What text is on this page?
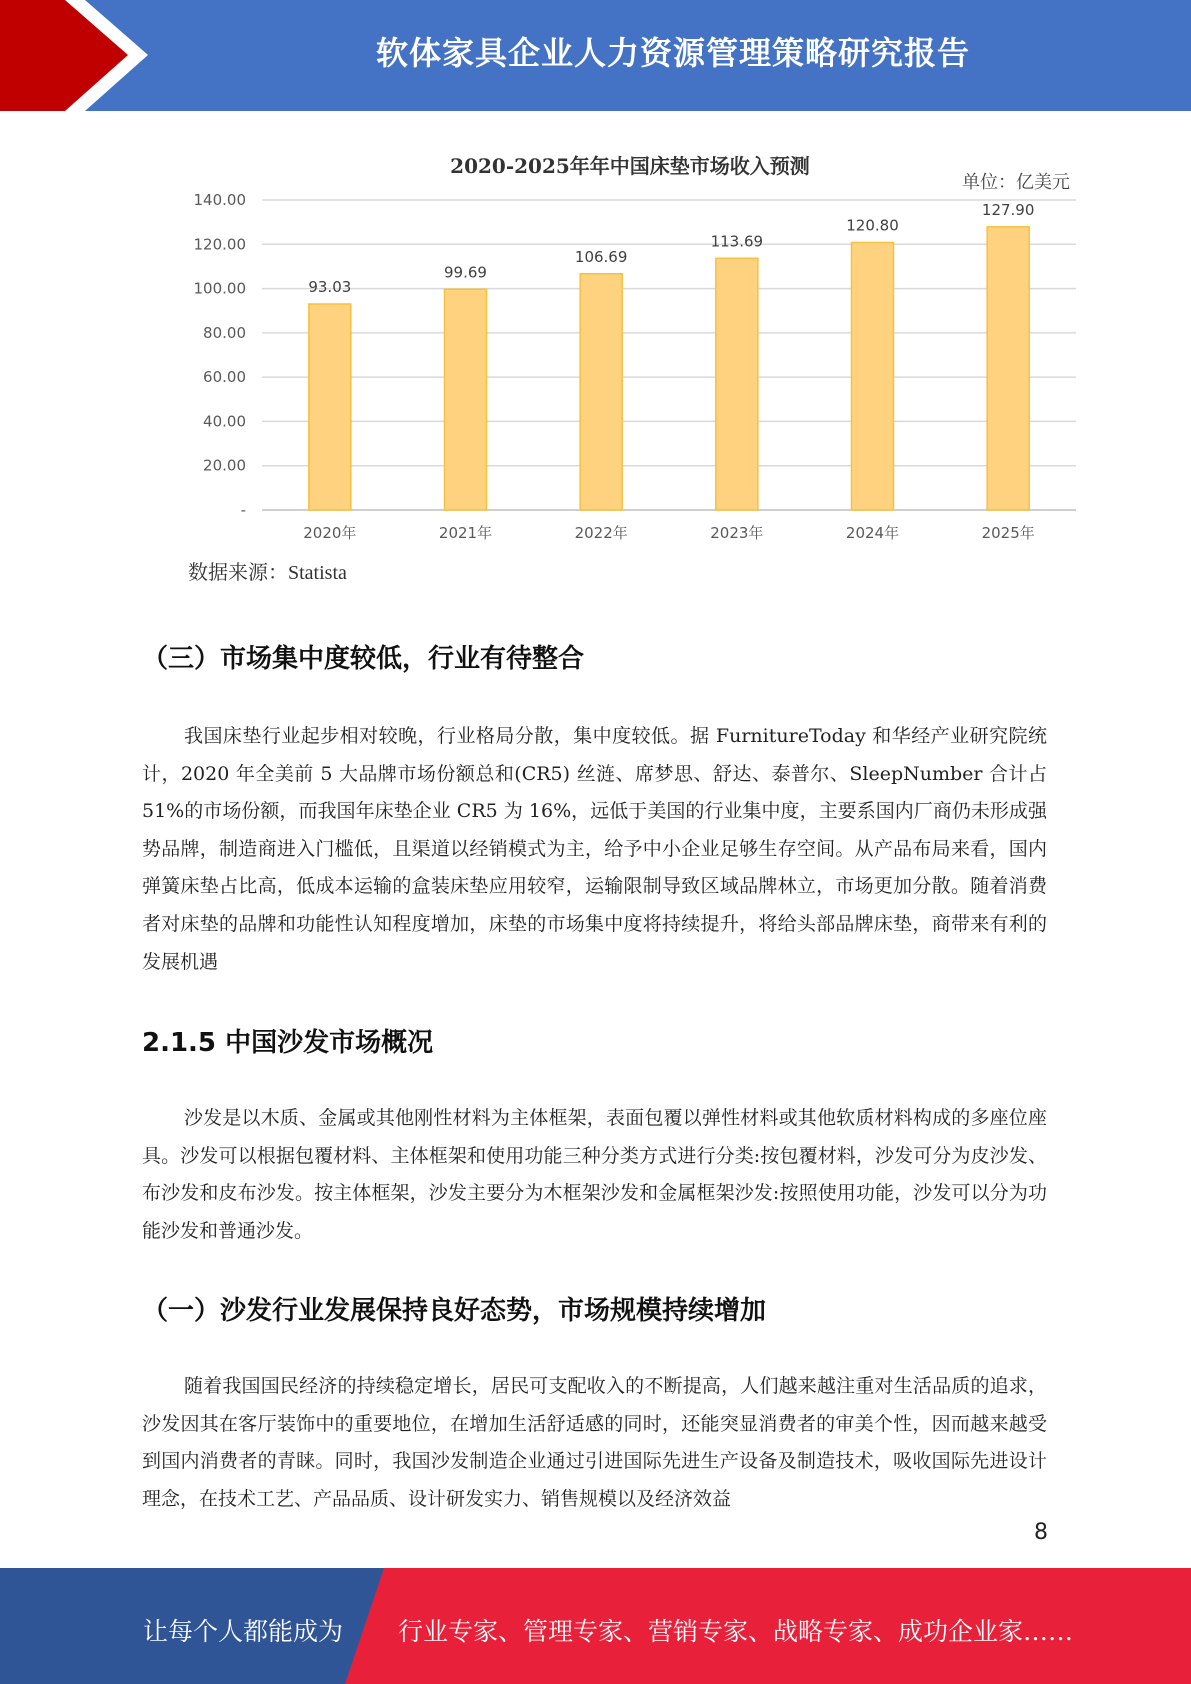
软体家具企业人力资源管理策略研究报告
2020-2025年年中国床垫市场收入预测
单位：亿美元
-
20.00
40.00
60.00
80.00
100.00
120.00
140.00
93.03
2020年
99.69
2021年
106.69
2022年
113.69
2023年
120.80
2024年
127.90
2025年
数据来源：Statista
（三）市场集中度较低，行业有待整合
我国床垫行业起步相对较晚，行业格局分散，集中度较低。据 FurnitureToday 和华经产业研究院统计，2020 年全美前 5 大品牌市场份额总和(CR5) 丝涟、席梦思、舒达、泰普尔、SleepNumber 合计占 51%的市场份额，而我国年床垫企业 CR5 为 16%，远低于美国的行业集中度，主要系国内厂商仍未形成强势品牌，制造商进入门槛低，且渠道以经销模式为主，给予中小企业足够生存空间。从产品布局来看，国内弹簧床垫占比高，低成本运输的盒装床垫应用较窄，运输限制导致区域品牌林立，市场更加分散。随着消费者对床垫的品牌和功能性认知程度增加，床垫的市场集中度将持续提升，将给头部品牌床垫，商带来有利的发展机遇
2.1.5 中国沙发市场概况
沙发是以木质、金属或其他刚性材料为主体框架，表面包覆以弹性材料或其他软质材料构成的多座位座具。沙发可以根据包覆材料、主体框架和使用功能三种分类方式进行分类:按包覆材料，沙发可分为皮沙发、布沙发和皮布沙发。按主体框架，沙发主要分为木框架沙发和金属框架沙发:按照使用功能，沙发可以分为功能沙发和普通沙发。
（一）沙发行业发展保持良好态势，市场规模持续增加
随着我国国民经济的持续稳定增长，居民可支配收入的不断提高，人们越来越注重对生活品质的追求，沙发因其在客厅装饰中的重要地位，在增加生活舒适感的同时，还能突显消费者的审美个性，因而越来越受到国内消费者的青睐。同时，我国沙发制造企业通过引进国际先进生产设备及制造技术，吸收国际先进设计理念，在技术工艺、产品品质、设计研发实力、销售规模以及经济效益
8
让每个人都能成为 行业专家、管理专家、营销专家、战略专家、成功企业家……
